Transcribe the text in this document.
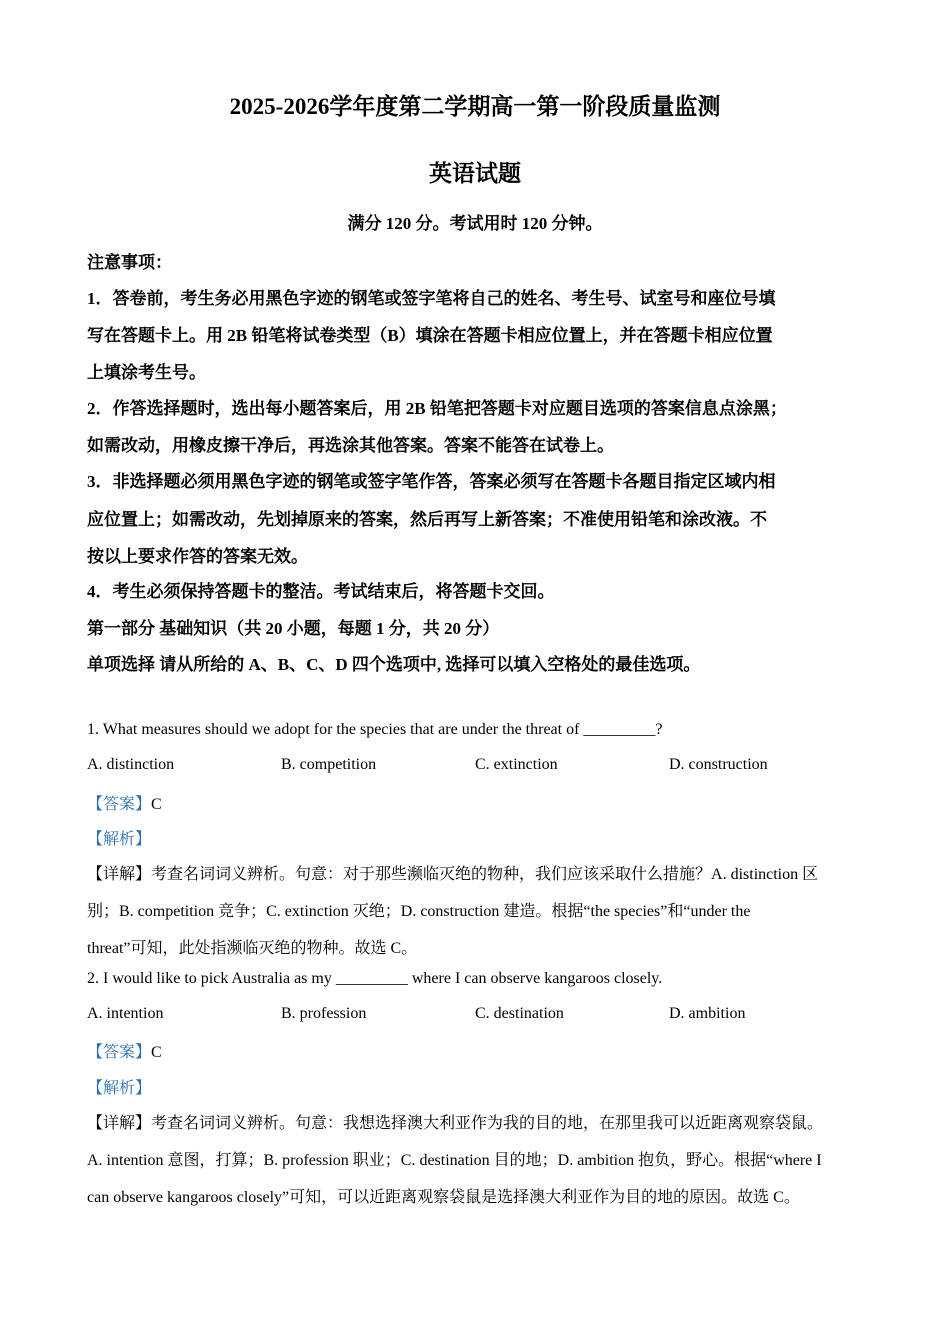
2025-2026学年度第二学期高一第一阶段质量监测
英语试题
满分 120 分。考试用时 120 分钟。
注意事项：
1．答卷前，考生务必用黑色字迹的钢笔或签字笔将自己的姓名、考生号、试室号和座位号填
写在答题卡上。用 2B 铅笔将试卷类型（B）填涂在答题卡相应位置上，并在答题卡相应位置
上填涂考生号。
2．作答选择题时，选出每小题答案后，用 2B 铅笔把答题卡对应题目选项的答案信息点涂黑；
如需改动，用橡皮擦干净后，再选涂其他答案。答案不能答在试卷上。
3．非选择题必须用黑色字迹的钢笔或签字笔作答，答案必须写在答题卡各题目指定区域内相
应位置上；如需改动，先划掉原来的答案，然后再写上新答案；不准使用铅笔和涂改液。不
按以上要求作答的答案无效。
4．考生必须保持答题卡的整洁。考试结束后，将答题卡交回。
第一部分 基础知识（共 20 小题，每题 1 分，共 20 分）
单项选择 请从所给的 A、B、C、D 四个选项中, 选择可以填入空格处的最佳选项。
1. What measures should we adopt for the species that are under the threat of _________?
A. distinction	B. competition	C. extinction	D. construction
【答案】C
【解析】
【详解】考查名词词义辨析。句意：对于那些濒临灭绝的物种，我们应该采取什么措施？A. distinction 区
别；B. competition 竞争；C. extinction 灭绝；D. construction 建造。根据“the species”和“under the
threat”可知，此处指濒临灭绝的物种。故选 C。
2. I would like to pick Australia as my _________ where I can observe kangaroos closely.
A. intention	B. profession	C. destination	D. ambition
【答案】C
【解析】
【详解】考查名词词义辨析。句意：我想选择澳大利亚作为我的目的地，在那里我可以近距离观察袋鼠。
A. intention 意图，打算；B. profession 职业；C. destination 目的地；D. ambition 抱负，野心。根据“where I
can observe kangaroos closely”可知，可以近距离观察袋鼠是选择澳大利亚作为目的地的原因。故选 C。
